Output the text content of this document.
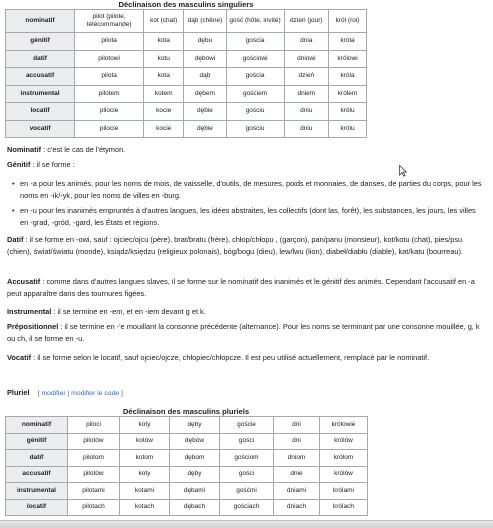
Déclinaison des masculins singuliers
nominatif	pilot (pilote, télécommande)	kot (chat)	dąb (chêne)	gość (hôte, invité)	dzień (jour)	król (roi)
génitif	pilota	kota	dębu	gościa	dnia	króla
datif	pilotowi	kotu	dębowi	gościowi	dniowi	królowi
accusatif	pilota	kota	dąb	gościa	dzień	króla
instrumental	pilotem	kotem	dębem	gościem	dniem	królem
locatif	pilocie	kocie	dębie	gościu	dniu	królu
vocatif	pilocie	kocie	dębie	gościu	dniu	królu
Nominatif : c'est le cas de l'étymon.
Génitif : il se forme :
• en -a pour les animés, pour les noms de mois, de vaisselle, d'outils, de mesures, poids et monnaies, de danses, de parties du corps, pour les noms en -ik/-yk, pour les noms de villes en -burg.
• en -u pour les inanimés empruntés à d'autres langues, les idées abstraites, les collectifs (dont las, forêt), les substances, les jours, les villes en -grad, -gród, -gard, les États et régions.
Datif : il se forme en -owi, sauf : ojciec/ojcu (père), brat/bratu (frère), chłop/chłopu , (garçon), pan/panu (monsieur), kot/kotu (chat), pies/psu (chien), świat/światu (monde), ksiądz/księdzu (religieux polonais), bóg/bogu (dieu), lew/lwu (lion), diabeł/diabłu (diable), kat/katu (bourreau).
Accusatif : comme dans d'autres langues slaves, il se forme sur le nominatif des inanimés et le génitif des animés. Cependant l'accusatif en -a peut apparaître dans des tournures figées.
Instrumental : il se termine en -em, et en -iem devant g et k.
Prépositionnel : il se termine en -'e mouillant la consonne précédente (alternance). Pour les noms se terminant par une consonne mouillée, g, k ou ch, il se forme en -u.
Vocatif : il se forme selon le locatif, sauf ojciec/ojcze, chłopiec/chłopcze. Il est peu utilisé actuellement, remplacé par le nominatif.
Pluriel [ modifier | modifier le code ]
Déclinaison des masculins pluriels
nominatif	piloci	koty	dęby	goście	dni	królowie
génitif	pilotów	kotów	dębów	gości	dni	królów
datif	pilotom	kotom	dębom	gościom	dniom	królom
accusatif	pilotów	koty	dęby	gości	dnie	królów
instrumental	pilotami	kotami	dębami	gośćmi	dniami	królami
locatif	pilotach	kotach	dębach	gościach	dniach	królach
